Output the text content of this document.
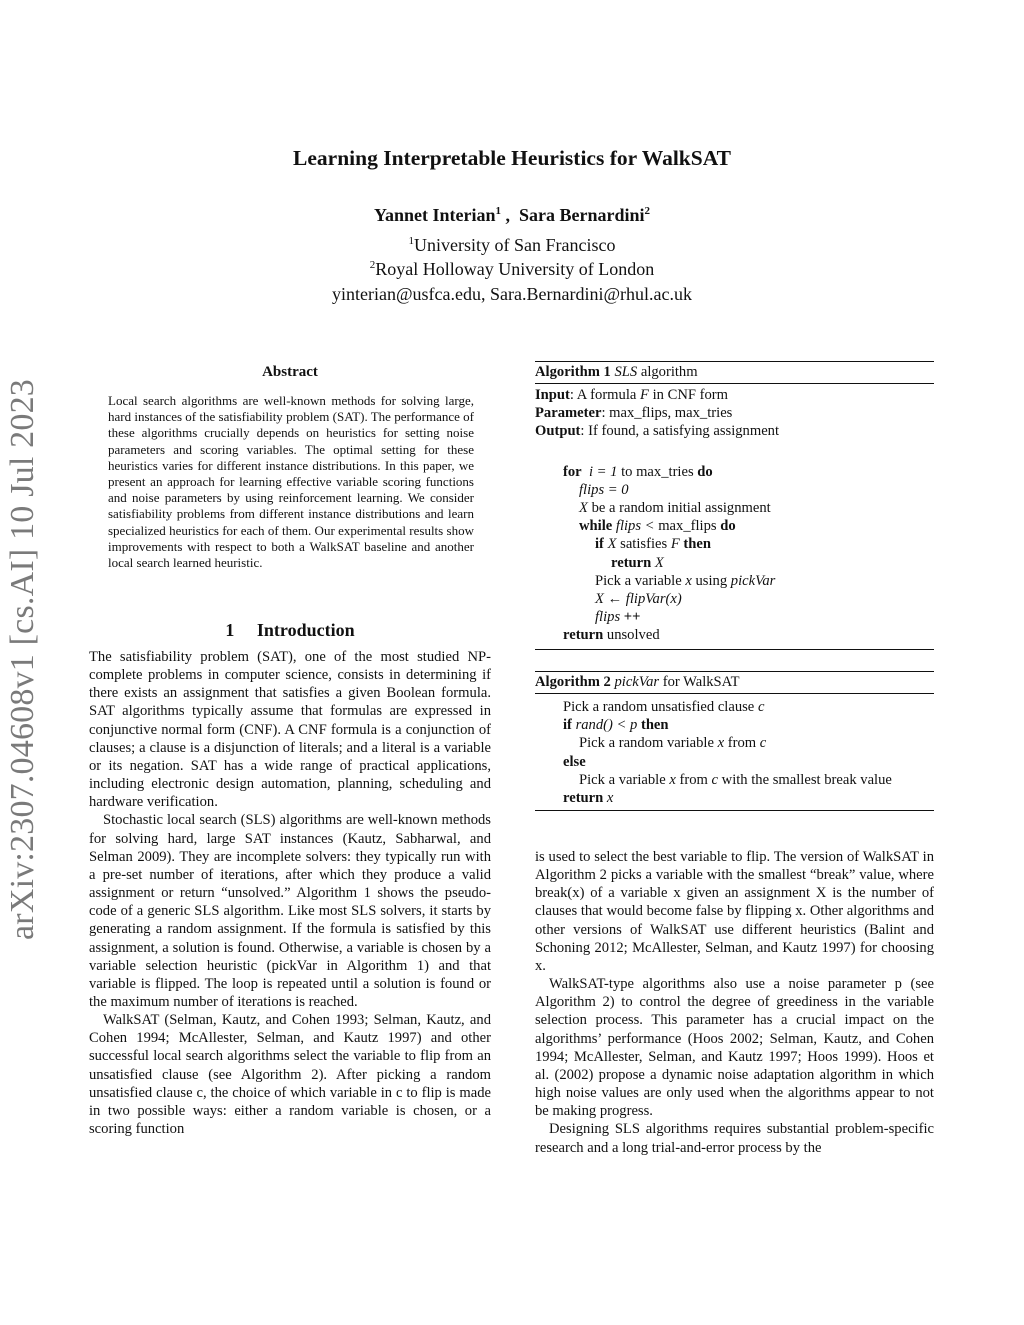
Learning Interpretable Heuristics for WalkSAT
Yannet Interian$^1$ ,  Sara Bernardini$^2$
$^1$University of San Francisco
$^2$Royal Holloway University of London
yinterian@usfca.edu, Sara.Bernardini@rhul.ac.uk
arXiv:2307.04608v1 [cs.AI] 10 Jul 2023
Abstract
Local search algorithms are well-known methods for solving large, hard instances of the satisfiability problem (SAT). The performance of these algorithms crucially depends on heuristics for setting noise parameters and scoring variables. The optimal setting for these heuristics varies for different instance distributions. In this paper, we present an approach for learning effective variable scoring functions and noise parameters by using reinforcement learning. We consider satisfiability problems from different instance distributions and learn specialized heuristics for each of them. Our experimental results show improvements with respect to both a WalkSAT baseline and another local search learned heuristic.
1     Introduction

The satisfiability problem (SAT), one of the most studied NP-complete problems in computer science, consists in determining if there exists an assignment that satisfies a given Boolean formula. SAT algorithms typically assume that formulas are expressed in conjunctive normal form (CNF). A CNF formula is a conjunction of clauses; a clause is a disjunction of literals; and a literal is a variable or its negation. SAT has a wide range of practical applications, including electronic design automation, planning, scheduling and hardware verification.

Stochastic local search (SLS) algorithms are well-known methods for solving hard, large SAT instances (Kautz, Sabharwal, and Selman 2009). They are incomplete solvers: they typically run with a pre-set number of iterations, after which they produce a valid assignment or return “unsolved.” Algorithm 1 shows the pseudo-code of a generic SLS algorithm. Like most SLS solvers, it starts by generating a random assignment. If the formula is satisfied by this assignment, a solution is found. Otherwise, a variable is chosen by a variable selection heuristic (pickVar in Algorithm 1) and that variable is flipped. The loop is repeated until a solution is found or the maximum number of iterations is reached.

WalkSAT (Selman, Kautz, and Cohen 1993; Selman, Kautz, and Cohen 1994; McAllester, Selman, and Kautz 1997) and other successful local search algorithms select the variable to flip from an unsatisfied clause (see Algorithm 2). After picking a random unsatisfied clause c, the choice of which variable in c to flip is made in two possible ways: either a random variable is chosen, or a scoring function

Algorithm 1 SLS algorithm
Input: A formula F in CNF form
Parameter: max_flips, max_tries
Output: If found, a satisfying assignment
for  i = 1 to max_tries do
flips = 0
X be a random initial assignment
while flips < max_flips do
if X satisfies F then
return X
Pick a variable x using pickVar
X ← flipVar(x)
flips ++
return unsolved
Algorithm 2 pickVar for WalkSAT
Pick a random unsatisfied clause c
if rand() < p then
Pick a random variable x from c
else
Pick a variable x from c with the smallest break value
return x

is used to select the best variable to flip. The version of WalkSAT in Algorithm 2 picks a variable with the smallest “break” value, where break(x) of a variable x given an assignment X is the number of clauses that would become false by flipping x. Other algorithms and other versions of WalkSAT use different heuristics (Balint and Schoning 2012; McAllester, Selman, and Kautz 1997) for choosing x.

WalkSAT-type algorithms also use a noise parameter p (see Algorithm 2) to control the degree of greediness in the variable selection process. This parameter has a crucial impact on the algorithms’ performance (Hoos 2002; Selman, Kautz, and Cohen 1994; McAllester, Selman, and Kautz 1997; Hoos 1999). Hoos et al. (2002) propose a dynamic noise adaptation algorithm in which high noise values are only used when the algorithms appear to not be making progress.

Designing SLS algorithms requires substantial problem-specific research and a long trial-and-error process by the
